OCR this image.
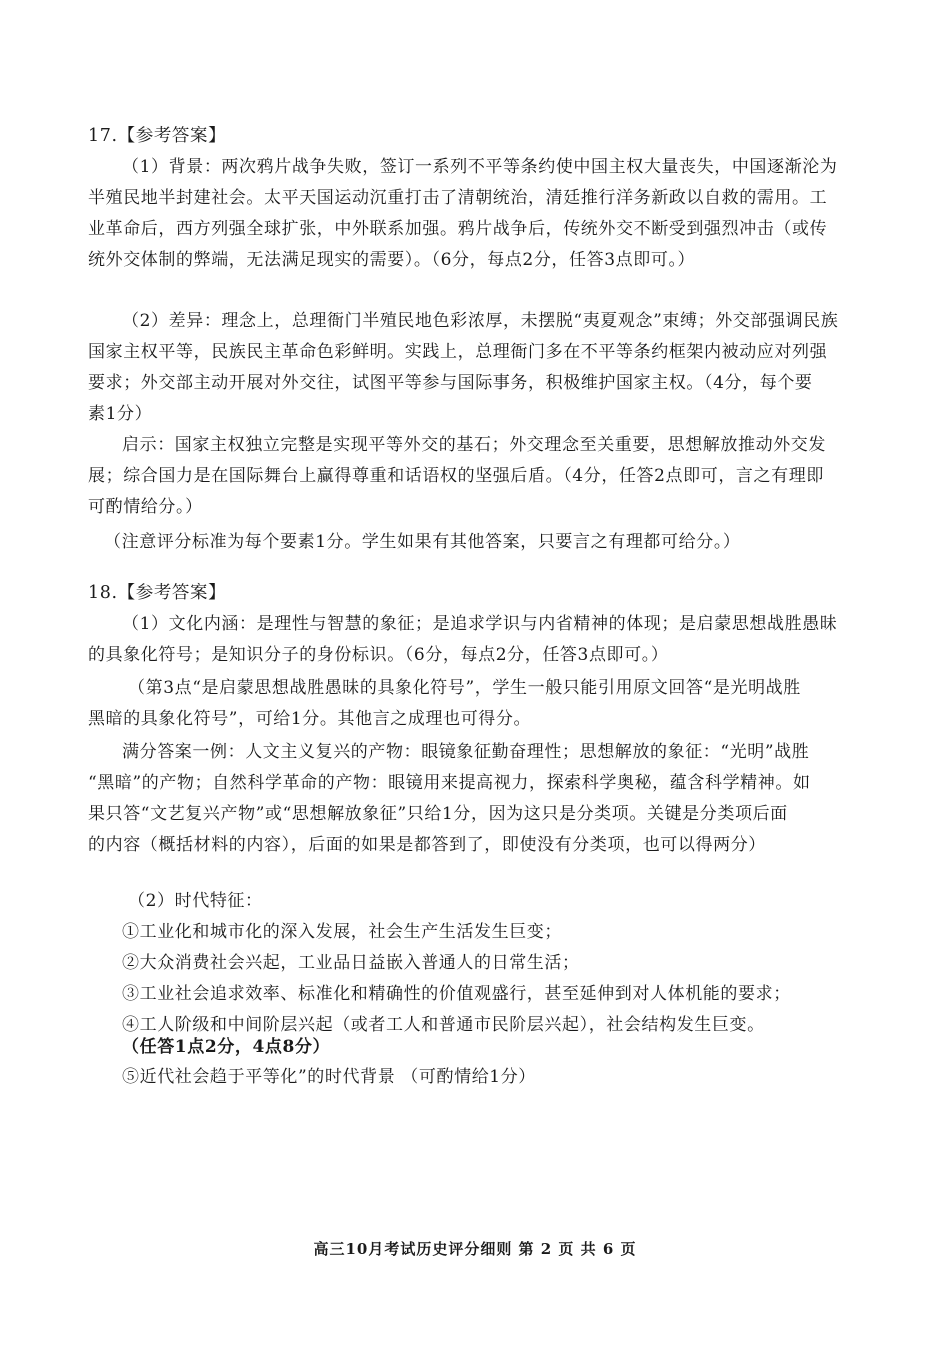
17.【参考答案】
（1）背景：两次鸦片战争失败，签订一系列不平等条约使中国主权大量丧失，中国逐渐沦为
半殖民地半封建社会。太平天国运动沉重打击了清朝统治，清廷推行洋务新政以自救的需用。工
业革命后，西方列强全球扩张，中外联系加强。鸦片战争后，传统外交不断受到强烈冲击（或传
统外交体制的弊端，无法满足现实的需要）。（6分，每点2分，任答3点即可。）
（2）差异：理念上，总理衙门半殖民地色彩浓厚，未摆脱“夷夏观念”束缚；外交部强调民族
国家主权平等，民族民主革命色彩鲜明。实践上，总理衙门多在不平等条约框架内被动应对列强
要求；外交部主动开展对外交往，试图平等参与国际事务，积极维护国家主权。（4分，每个要
素1分）
启示：国家主权独立完整是实现平等外交的基石；外交理念至关重要，思想解放推动外交发
展；综合国力是在国际舞台上赢得尊重和话语权的坚强后盾。（4分，任答2点即可，言之有理即
可酌情给分。）
（注意评分标准为每个要素1分。学生如果有其他答案，只要言之有理都可给分。）
18.【参考答案】
（1）文化内涵：是理性与智慧的象征；是追求学识与内省精神的体现；是启蒙思想战胜愚昧
的具象化符号；是知识分子的身份标识。（6分，每点2分，任答3点即可。）
（第3点“是启蒙思想战胜愚昧的具象化符号”，学生一般只能引用原文回答“是光明战胜
黑暗的具象化符号”，可给1分。其他言之成理也可得分。
满分答案一例：人文主义复兴的产物：眼镜象征勤奋理性；思想解放的象征：“光明”战胜
“黑暗”的产物；自然科学革命的产物：眼镜用来提高视力，探索科学奥秘，蕴含科学精神。如
果只答“文艺复兴产物”或“思想解放象征”只给1分，因为这只是分类项。关键是分类项后面
的内容（概括材料的内容），后面的如果是都答到了，即使没有分类项，也可以得两分）
（2）时代特征：
①工业化和城市化的深入发展，社会生产生活发生巨变；
②大众消费社会兴起，工业品日益嵌入普通人的日常生活；
③工业社会追求效率、标准化和精确性的价值观盛行，甚至延伸到对人体机能的要求；
④工人阶级和中间阶层兴起（或者工人和普通市民阶层兴起），社会结构发生巨变。
（任答1点2分，4点8分）
⑤近代社会趋于平等化”的时代背景 （可酌情给1分）
高三10月考试历史评分细则 第 2 页 共 6 页
